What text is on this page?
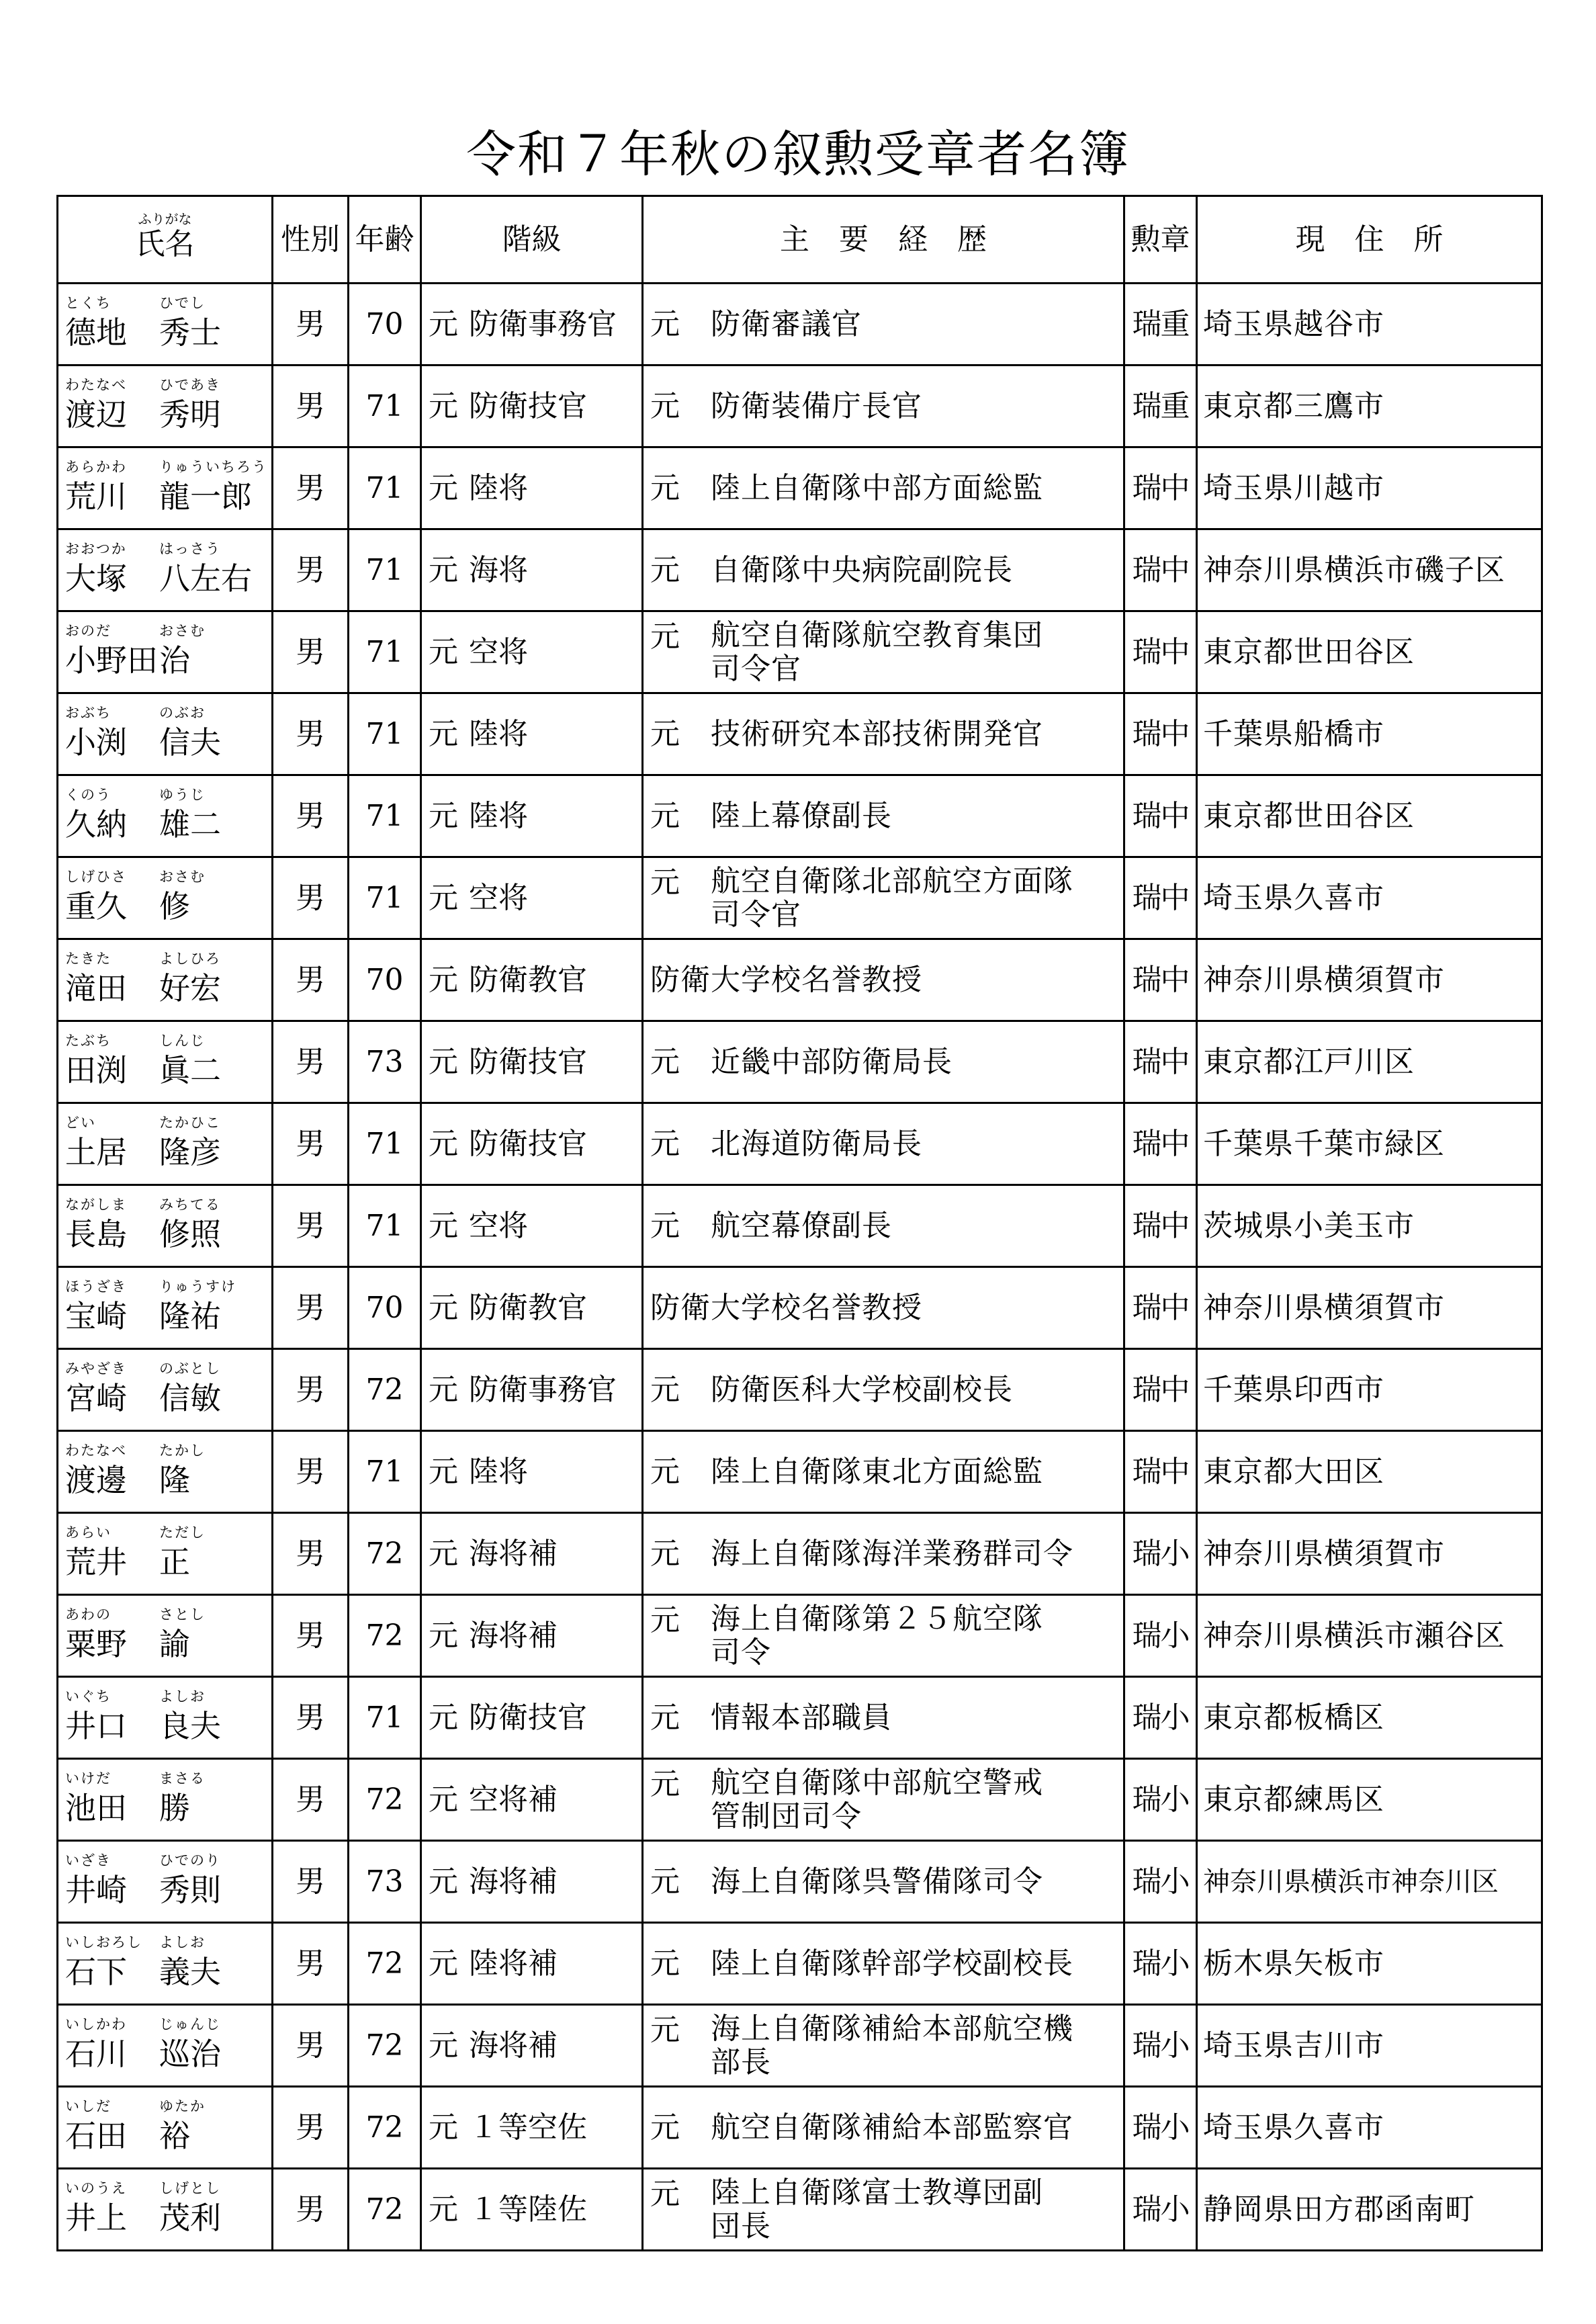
令和７年秋の叙勲受章者名簿
ふりがな
氏名	性別	年齢	階級	主　要　経　歴	勲章	現　住　所

とくち ひでし
德地 秀士	男	70	元 防衛事務官	元 防衛審議官	瑞重	埼玉県越谷市

わたなべ ひであき
渡辺 秀明	男	71	元 防衛技官	元 防衛装備庁長官	瑞重	東京都三鷹市

あらかわ りゅういちろう
荒川 龍一郎	男	71	元 陸将	元 陸上自衛隊中部方面総監	瑞中	埼玉県川越市

おおつか はっさう
大塚 八左右	男	71	元 海将	元 自衛隊中央病院副院長	瑞中	神奈川県横浜市磯子区

おのだ おさむ
小野田 治	男	71	元 空将	元 航空自衛隊航空教育集団
司令官	瑞中	東京都世田谷区

おぶち のぶお
小渕 信夫	男	71	元 陸将	元 技術研究本部技術開発官	瑞中	千葉県船橋市

くのう ゆうじ
久納 雄二	男	71	元 陸将	元 陸上幕僚副長	瑞中	東京都世田谷区

しげひさ おさむ
重久 修	男	71	元 空将	元 航空自衛隊北部航空方面隊
司令官	瑞中	埼玉県久喜市

たきた よしひろ
滝田 好宏	男	70	元 防衛教官	防衛大学校名誉教授	瑞中	神奈川県横須賀市

たぶち しんじ
田渕 眞二	男	73	元 防衛技官	元 近畿中部防衛局長	瑞中	東京都江戸川区

どい たかひこ
土居 隆彦	男	71	元 防衛技官	元 北海道防衛局長	瑞中	千葉県千葉市緑区

ながしま みちてる
長島 修照	男	71	元 空将	元 航空幕僚副長	瑞中	茨城県小美玉市

ほうざき りゅうすけ
宝崎 隆祐	男	70	元 防衛教官	防衛大学校名誉教授	瑞中	神奈川県横須賀市

みやざき のぶとし
宮崎 信敏	男	72	元 防衛事務官	元 防衛医科大学校副校長	瑞中	千葉県印西市

わたなべ たかし
渡邊 隆	男	71	元 陸将	元 陸上自衛隊東北方面総監	瑞中	東京都大田区

あらい ただし
荒井 正	男	72	元 海将補	元 海上自衛隊海洋業務群司令	瑞小	神奈川県横須賀市

あわの さとし
粟野 諭	男	72	元 海将補	元 海上自衛隊第２５航空隊
司令	瑞小	神奈川県横浜市瀬谷区

いぐち よしお
井口 良夫	男	71	元 防衛技官	元 情報本部職員	瑞小	東京都板橋区

いけだ まさる
池田 勝	男	72	元 空将補	元 航空自衛隊中部航空警戒
管制団司令	瑞小	東京都練馬区

いざき ひでのり
井崎 秀則	男	73	元 海将補	元 海上自衛隊呉警備隊司令	瑞小	神奈川県横浜市神奈川区

いしおろし よしお
石下 義夫	男	72	元 陸将補	元 陸上自衛隊幹部学校副校長	瑞小	栃木県矢板市

いしかわ じゅんじ
石川 巡治	男	72	元 海将補	元 海上自衛隊補給本部航空機
部長	瑞小	埼玉県吉川市

いしだ ゆたか
石田 裕	男	72	元 １等空佐	元 航空自衛隊補給本部監察官	瑞小	埼玉県久喜市

いのうえ しげとし
井上 茂利	男	72	元 １等陸佐	元 陸上自衛隊富士教導団副
団長	瑞小	静岡県田方郡函南町
